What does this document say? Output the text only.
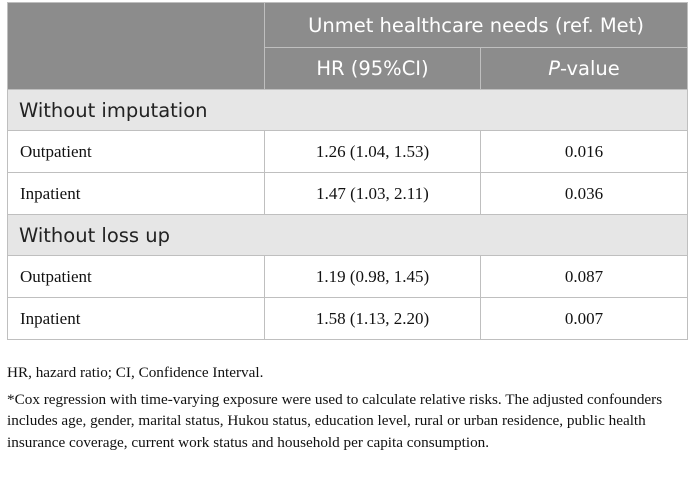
	Unmet healthcare needs (ref. Met)	
	HR (95%CI)	P-value
Without imputation		
Outpatient	1.26 (1.04, 1.53)	0.016
Inpatient	1.47 (1.03, 2.11)	0.036
Without loss up		
Outpatient	1.19 (0.98, 1.45)	0.087
Inpatient	1.58 (1.13, 2.20)	0.007

HR, hazard ratio; CI, Confidence Interval.

*Cox regression with time-varying exposure were used to calculate relative risks. The adjusted confounders includes age, gender, marital status, Hukou status, education level, rural or urban residence, public health insurance coverage, current work status and household per capita consumption.
